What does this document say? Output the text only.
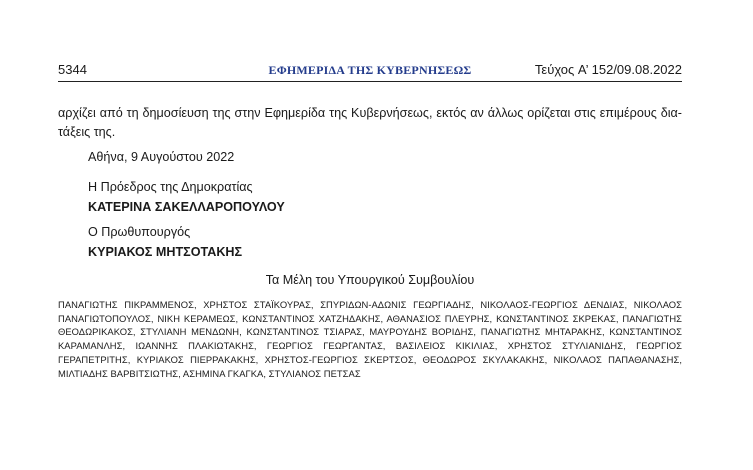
5344	ΕΦΗΜΕΡΙΔΑ TΗΣ ΚΥΒΕΡΝΗΣΕΩΣ	Τεύχος A’ 152/09.08.2022
αρχίζει από τη δημοσίευση της στην Εφημερίδα της Κυβερνήσεως, εκτός αν άλλως ορίζεται στις επιμέρους δια- τάξεις της.
Αθήνα, 9 Αυγούστου 2022
Η Πρόεδρος της Δημοκρατίας
ΚΑΤΕΡΙΝΑ ΣΑΚΕΛΛΑΡΟΠΟΥΛΟΥ
Ο Πρωθυπουργός
ΚΥΡΙΑΚΟΣ ΜΗΤΣΟΤΑΚΗΣ
Τα Μέλη του Υπουργικού Συμβουλίου
ΠΑΝΑΓΙΩΤΗΣ ΠΙΚΡΑΜΜΕΝΟΣ, ΧΡΗΣΤΟΣ ΣΤΑΪΚΟΥΡΑΣ, ΣΠΥΡΙΔΩΝ-ΑΔΩΝΙΣ ΓΕΩΡΓΙΑΔΗΣ, ΝΙΚΟΛΑΟΣ-ΓΕΩΡΓΙΟΣ ΔΕΝΔΙΑΣ, ΝΙΚΟΛΑΟΣ ΠΑΝΑΓΙΩΤΟΠΟΥΛΟΣ, ΝΙΚΗ ΚΕΡΑΜΕΩΣ, ΚΩΝΣΤΑΝΤΙΝΟΣ ΧΑΤΖΗΔΑΚΗΣ, ΑΘΑΝΑΣΙΟΣ ΠΛΕΥΡΗΣ, ΚΩΝΣΤΑΝΤΙΝΟΣ ΣΚΡΕΚΑΣ, ΠΑΝΑΓΙΩΤΗΣ ΘΕΟΔΩΡΙΚΑΚΟΣ, ΣΤΥΛΙΑΝΗ ΜΕΝΔΩΝΗ, ΚΩΝΣΤΑΝΤΙΝΟΣ ΤΣΙΑΡΑΣ, ΜΑΥΡΟΥΔΗΣ ΒΟΡΙΔΗΣ, ΠΑΝΑΓΙΩΤΗΣ ΜΗΤΑΡΑΚΗΣ, ΚΩΝΣΤΑΝΤΙΝΟΣ ΚΑΡΑΜΑΝΛΗΣ, ΙΩΑΝΝΗΣ ΠΛΑΚΙΩΤΑΚΗΣ, ΓΕΩΡΓΙΟΣ ΓΕΩΡΓΑΝΤΑΣ, ΒΑΣΙΛΕΙΟΣ ΚΙΚΙΛΙΑΣ, ΧΡΗΣΤΟΣ ΣΤΥΛΙΑΝΙΔΗΣ, ΓΕΩΡΓΙΟΣ ΓΕΡΑΠΕΤΡΙΤΗΣ, ΚΥΡΙΑΚΟΣ ΠΙΕΡΡΑΚΑΚΗΣ, ΧΡΗΣΤΟΣ-ΓΕΩΡΓΙΟΣ ΣΚΕΡΤΣΟΣ, ΘΕΟΔΩΡΟΣ ΣΚΥΛΑΚΑΚΗΣ, ΝΙΚΟΛΑΟΣ ΠΑΠΑΘΑΝΑΣΗΣ, ΜΙΛΤΙΑΔΗΣ ΒΑΡΒΙΤΣΙΩΤΗΣ, ΑΣΗΜΙΝΑ ΓΚΑΓΚΑ, ΣΤΥΛΙΑΝΟΣ ΠΕΤΣΑΣ
